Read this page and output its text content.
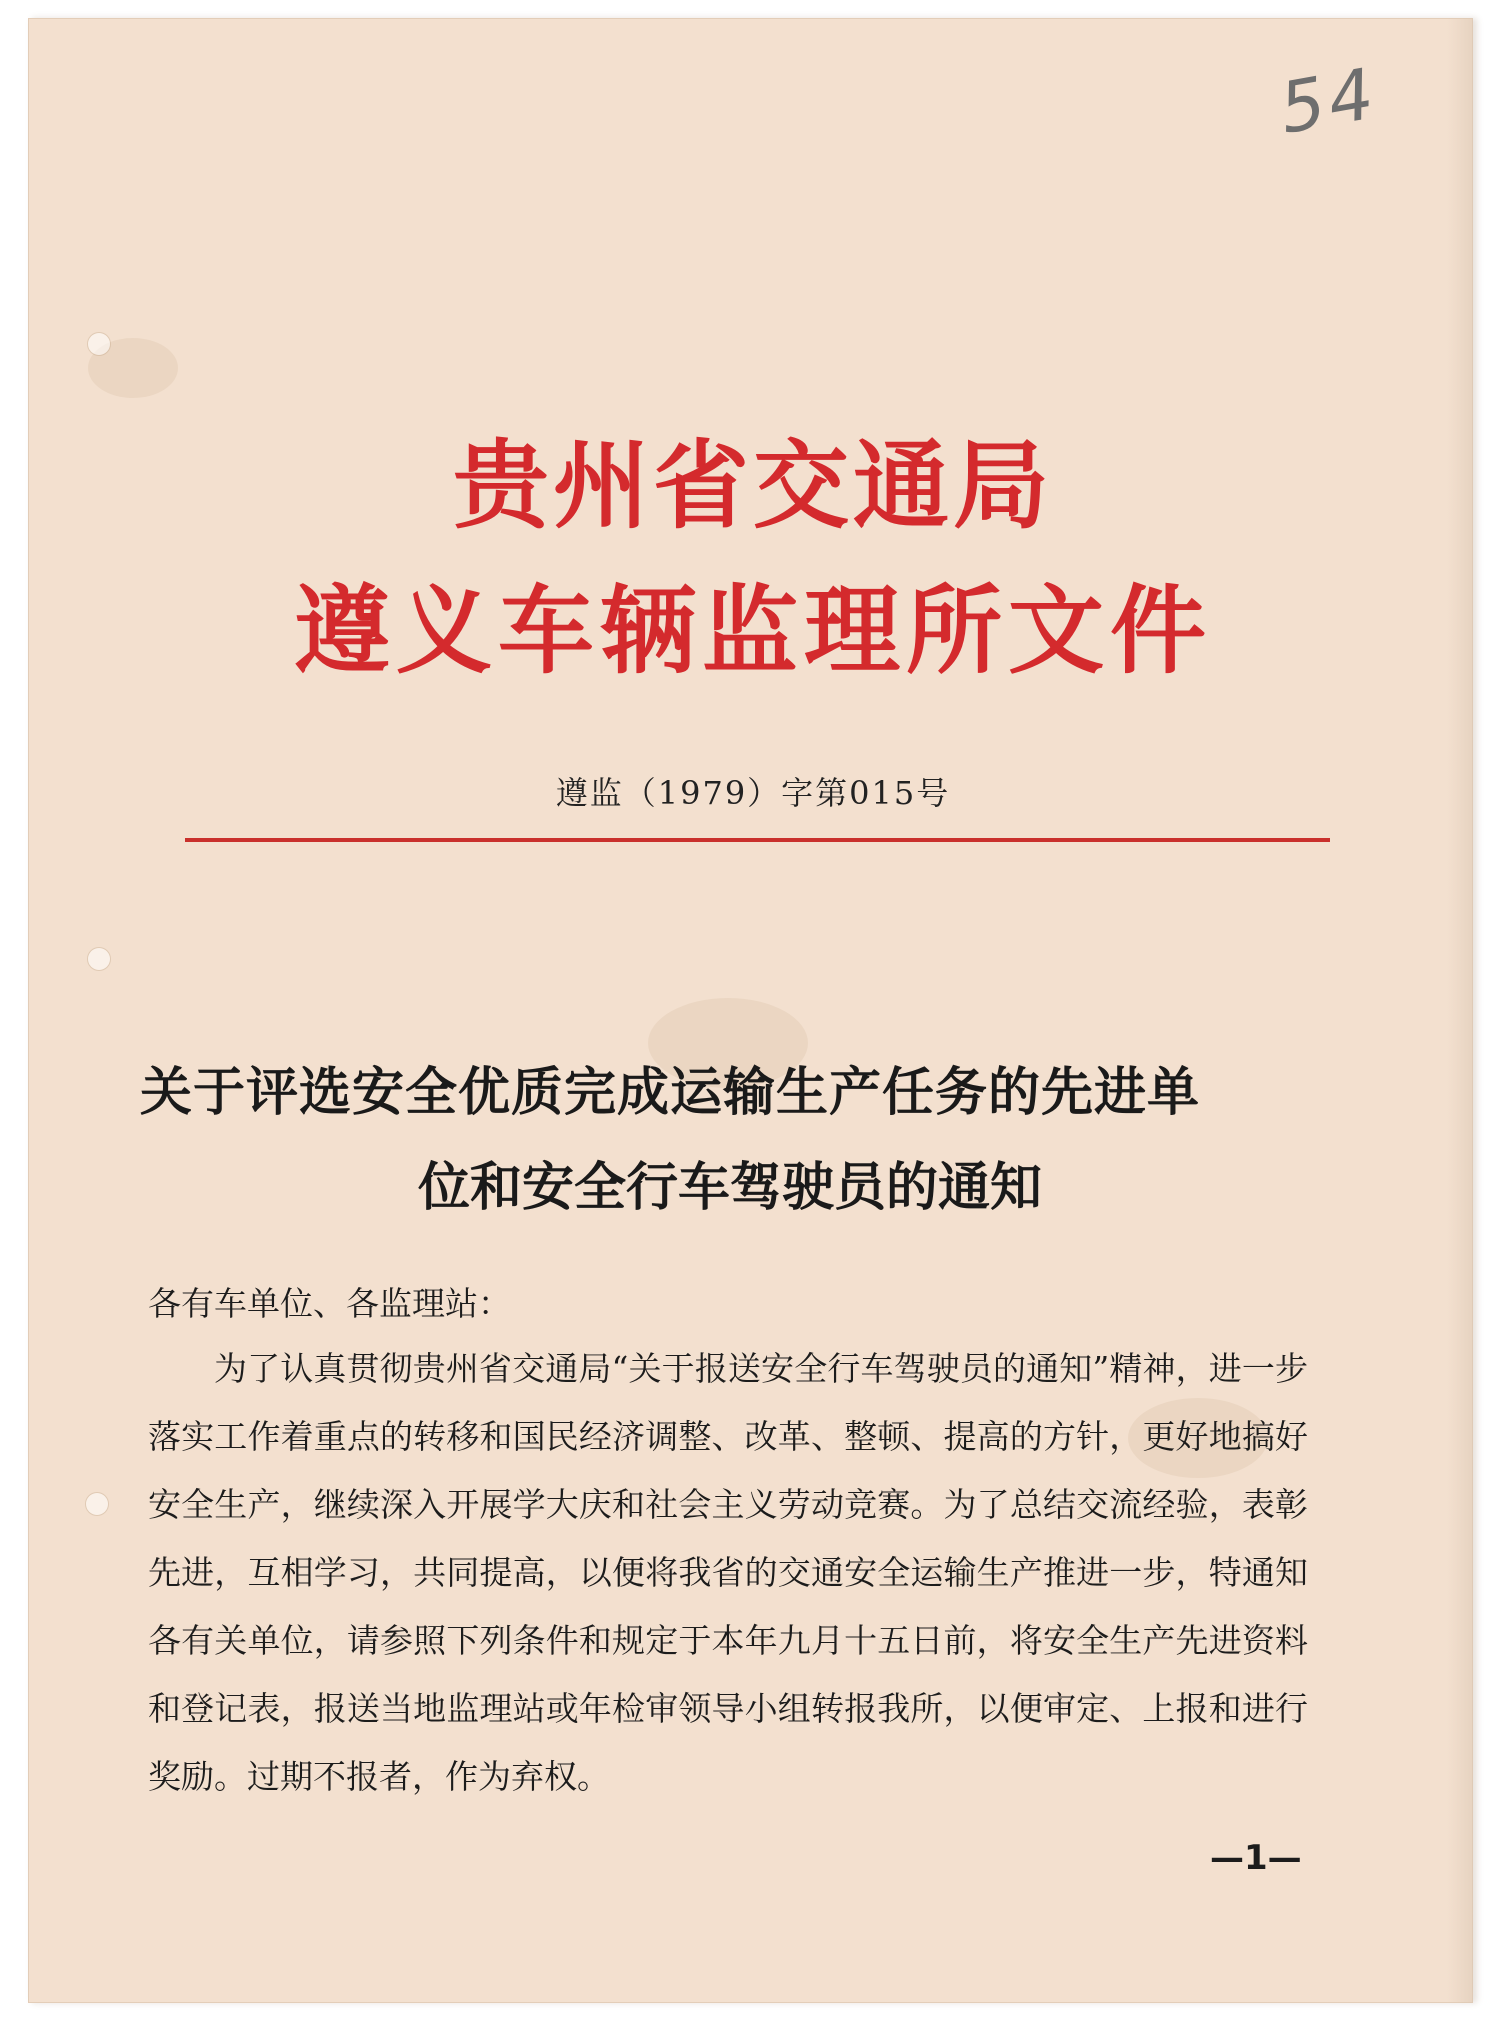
54
贵州省交通局
遵义车辆监理所文件
遵监（1979）字第015号
关于评选安全优质完成运输生产任务的先进单
位和安全行车驾驶员的通知
各有车单位、各监理站：
为了认真贯彻贵州省交通局“关于报送安全行车驾驶员的通知”精神，进一步落实工作着重点的转移和国民经济调整、改革、整顿、提高的方针，更好地搞好安全生产，继续深入开展学大庆和社会主义劳动竞赛。为了总结交流经验，表彰先进，互相学习，共同提高，以便将我省的交通安全运输生产推进一步，特通知各有关单位，请参照下列条件和规定于本年九月十五日前，将安全生产先进资料和登记表，报送当地监理站或年检审领导小组转报我所，以便审定、上报和进行奖励。过期不报者，作为弃权。
—1—
